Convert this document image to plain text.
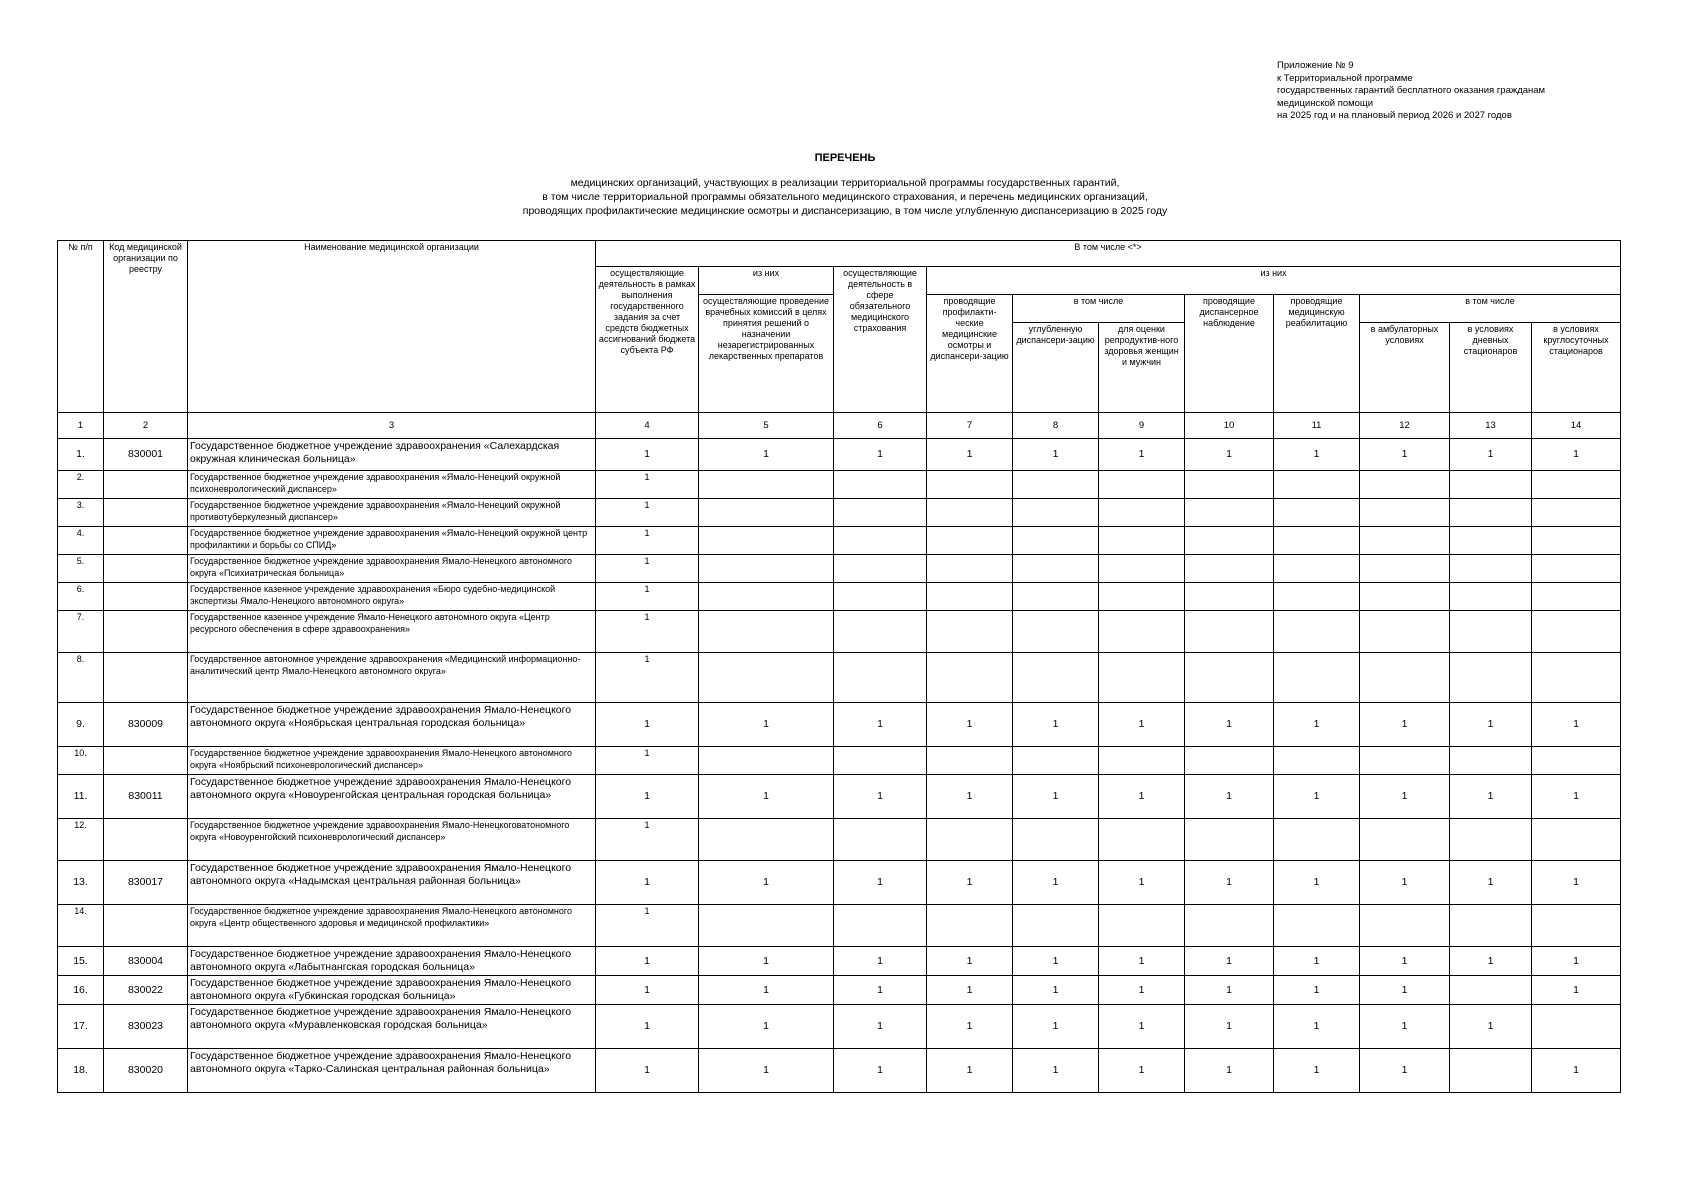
Приложение № 9
к Территориальной программе
государственных гарантий бесплатного оказания гражданам
медицинской помощи
на 2025 год и на плановый период 2026 и 2027 годов
ПЕРЕЧЕНЬ
медицинских организаций, участвующих в реализации территориальной программы государственных гарантий,
в том числе территориальной программы обязательного медицинского страхования, и перечень медицинских организаций,
проводящих профилактические медицинские осмотры и диспансеризацию, в том числе углубленную диспансеризацию в 2025 году
№ п/п	Код медицинской организации по реестру	Наименование медицинской организации	В том числе <*>										
			осуществляющие деятельность в рамках выполнения государственного задания за счет средств бюджетных ассигнований бюджета субъекта РФ	из них	осуществляющие деятельность в сфере обязательного медицинского страхования	из них							
				осуществляющие проведение врачебных комиссий в целях принятия решений о назначении незарегистрированных лекарственных препаратов		проводящие профилакти-ческие медицинские осмотры и диспансери-зацию	в том числе		проводящие диспансерное наблюдение	проводящие медицинскую реабилитацию	в том числе		
							углубленную диспансери-зацию	для оценки репродуктив-ного здоровья женщин и мужчин			в амбулаторных условиях	в условиях дневных стационаров	в условиях круглосуточных стационаров

1	2	3	4	5	6	7	8	9	10	11	12	13	14
1.	830001	Государственное бюджетное учреждение здравоохранения «Салехардская окружная клиническая больница»	1	1	1	1	1	1	1	1	1	1	1
2.		Государственное бюджетное учреждение здравоохранения «Ямало-Ненецкий окружной психоневрологический диспансер»	1										
3.		Государственное бюджетное учреждение здравоохранения «Ямало-Ненецкий окружной противотуберкулезный диспансер»	1										
4.		Государственное бюджетное учреждение здравоохранения «Ямало-Ненецкий окружной центр профилактики и борьбы со СПИД»	1										
5.		Государственное бюджетное учреждение здравоохранения Ямало-Ненецкого автономного округа «Психиатрическая больница»	1										
6.		Государственное казенное учреждение здравоохранения «Бюро судебно-медицинской экспертизы Ямало-Ненецкого автономного округа»	1										
7.		Государственное казенное учреждение Ямало-Ненецкого автономного округа «Центр ресурсного обеспечения в сфере здравоохранения»	1										
8.		Государственное автономное учреждение здравоохранения «Медицинский информационно-аналитический центр Ямало-Ненецкого автономного округа»	1										
9.	830009	Государственное бюджетное учреждение здравоохранения Ямало-Ненецкого автономного округа «Ноябрьская центральная городская больница»	1	1	1	1	1	1	1	1	1	1	1
10.		Государственное бюджетное учреждение здравоохранения Ямало-Ненецкого автономного округа «Ноябрьский психоневрологический диспансер»	1										
11.	830011	Государственное бюджетное учреждение здравоохранения Ямало-Ненецкого автономного округа «Новоуренгойская центральная городская больница»	1	1	1	1	1	1	1	1	1	1	1
12.		Государственное бюджетное учреждение здравоохранения Ямало-Ненецкоговатономного округа «Новоуренгойский психоневрологический диспансер»	1										
13.	830017	Государственное бюджетное учреждение здравоохранения Ямало-Ненецкого автономного округа «Надымская центральная районная больница»	1	1	1	1	1	1	1	1	1	1	1
14.		Государственное бюджетное учреждение здравоохранения Ямало-Ненецкого автономного округа «Центр общественного здоровья и медицинской профилактики»	1										
15.	830004	Государственное бюджетное учреждение здравоохранения Ямало-Ненецкого автономного округа «Лабытнангская городская больница»	1	1	1	1	1	1	1	1	1	1	1
16.	830022	Государственное бюджетное учреждение здравоохранения Ямало-Ненецкого автономного округа «Губкинская городская больница»	1	1	1	1	1	1	1	1	1		1
17.	830023	Государственное бюджетное учреждение здравоохранения Ямало-Ненецкого автономного округа «Муравленковская городская больница»	1	1	1	1	1	1	1	1	1	1	
18.	830020	Государственное бюджетное учреждение здравоохранения Ямало-Ненецкого автономного округа «Тарко-Салинская центральная районная больница»	1	1	1	1	1	1	1	1	1		1
